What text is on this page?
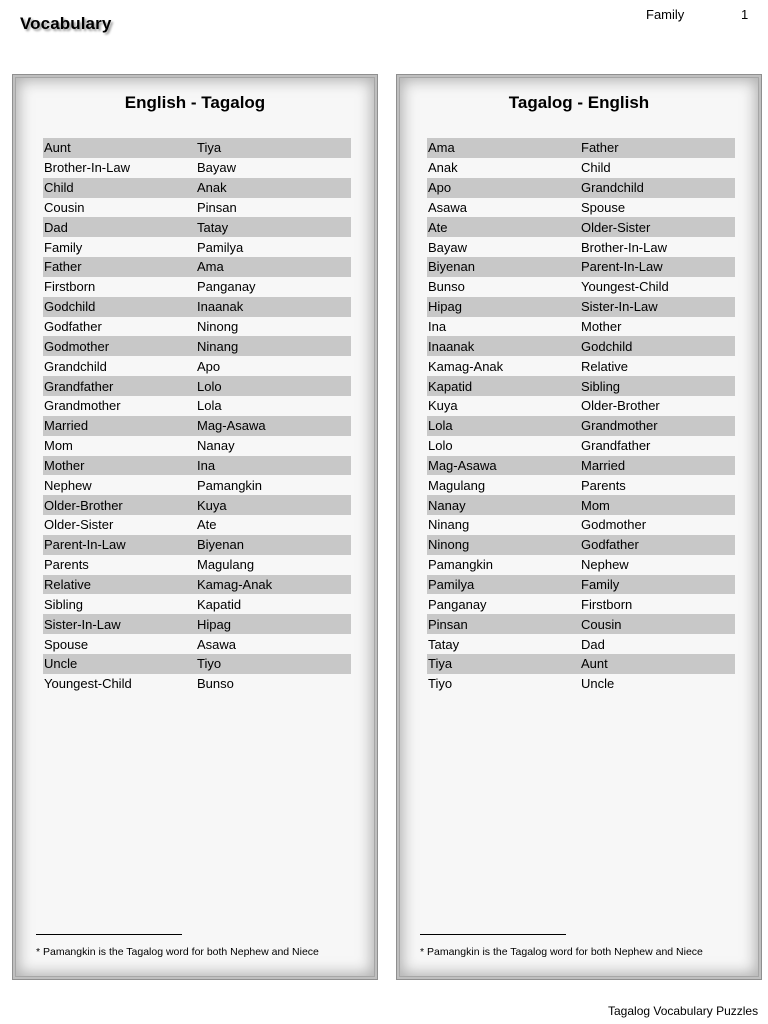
Vocabulary	Family	1
English - Tagalog
Aunt	Tiya
Brother-In-Law	Bayaw
Child	Anak
Cousin	Pinsan
Dad	Tatay
Family	Pamilya
Father	Ama
Firstborn	Panganay
Godchild	Inaanak
Godfather	Ninong
Godmother	Ninang
Grandchild	Apo
Grandfather	Lolo
Grandmother	Lola
Married	Mag-Asawa
Mom	Nanay
Mother	Ina
Nephew	Pamangkin
Older-Brother	Kuya
Older-Sister	Ate
Parent-In-Law	Biyenan
Parents	Magulang
Relative	Kamag-Anak
Sibling	Kapatid
Sister-In-Law	Hipag
Spouse	Asawa
Uncle	Tiyo
Youngest-Child	Bunso
* Pamangkin is the Tagalog word for both Nephew and Niece
Tagalog - English
Ama	Father
Anak	Child
Apo	Grandchild
Asawa	Spouse
Ate	Older-Sister
Bayaw	Brother-In-Law
Biyenan	Parent-In-Law
Bunso	Youngest-Child
Hipag	Sister-In-Law
Ina	Mother
Inaanak	Godchild
Kamag-Anak	Relative
Kapatid	Sibling
Kuya	Older-Brother
Lola	Grandmother
Lolo	Grandfather
Mag-Asawa	Married
Magulang	Parents
Nanay	Mom
Ninang	Godmother
Ninong	Godfather
Pamangkin	Nephew
Pamilya	Family
Panganay	Firstborn
Pinsan	Cousin
Tatay	Dad
Tiya	Aunt
Tiyo	Uncle
* Pamangkin is the Tagalog word for both Nephew and Niece
Tagalog Vocabulary Puzzles
